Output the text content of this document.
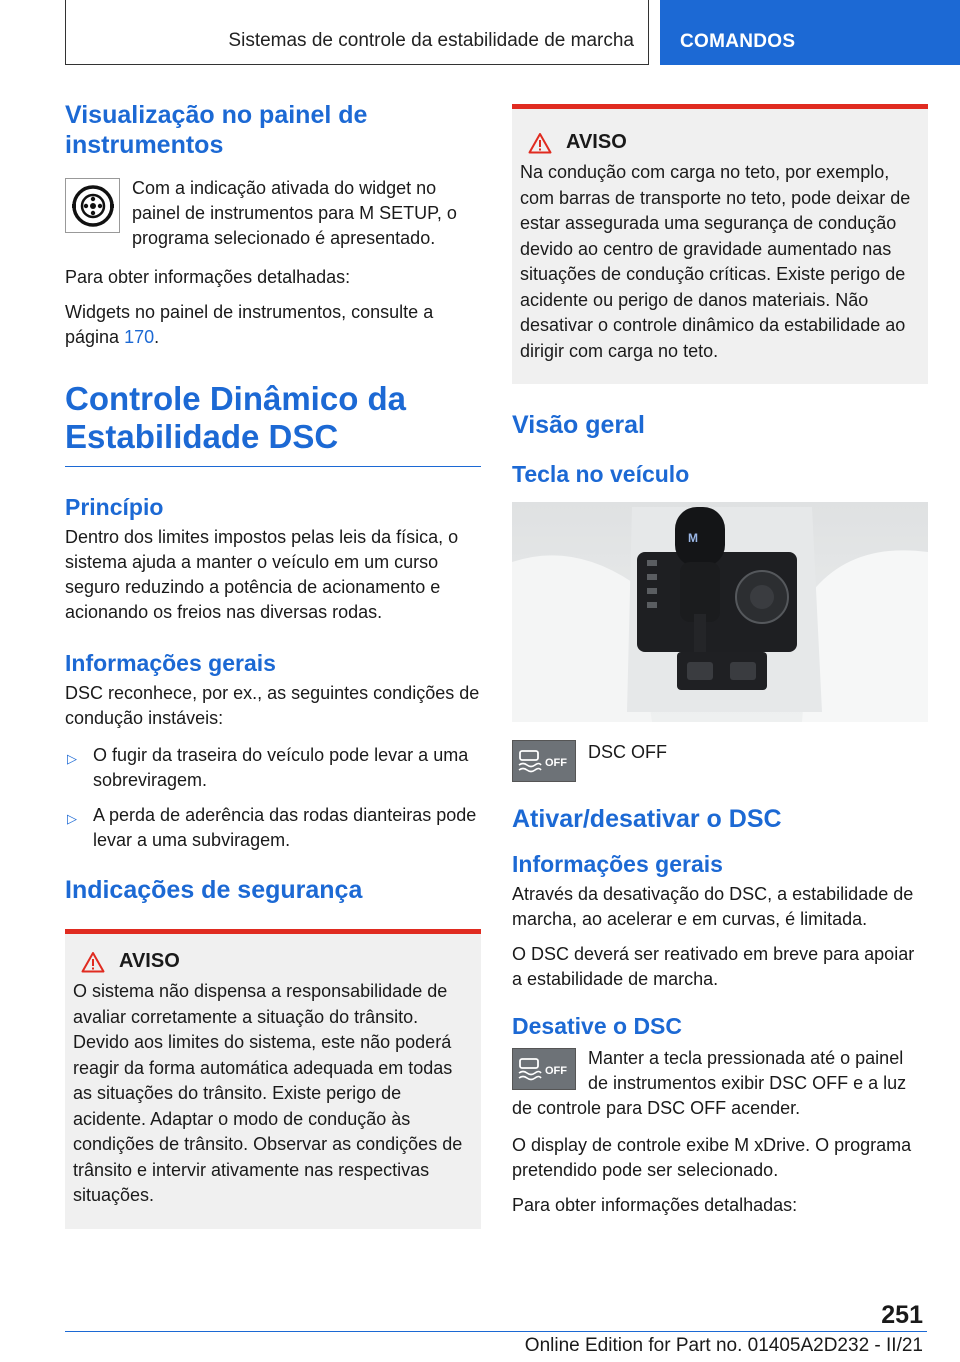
Sistemas de controle da estabilidade de marcha COMANDOS
Visualização no painel de instrumentos
Com a indicação ativada do widget no painel de instrumentos para M SETUP, o programa selecionado é apresentado.

Para obter informações detalhadas:

Widgets no painel de instrumentos, consulte a página 170.

Controle Dinâmico da Estabilidade DSC
Princípio

Dentro dos limites impostos pelas leis da física, o sistema ajuda a manter o veículo em um curso seguro reduzindo a potência de acionamento e acionando os freios nas diversas rodas.

Informações gerais

DSC reconhece, por ex., as seguintes condições de condução instáveis:

▷ O fugir da traseira do veículo pode levar a uma sobreviragem.
▷ A perda de aderência das rodas dianteiras pode levar a uma subviragem.
Indicações de segurança
AVISO

O sistema não dispensa a responsabilidade de avaliar corretamente a situação do trânsito. Devido aos limites do sistema, este não poderá reagir da forma automática adequada em todas as situações do trânsito. Existe perigo de acidente. Adaptar o modo de condução às condições de trânsito. Observar as condições de trânsito e intervir ativamente nas respectivas situações.

AVISO

Na condução com carga no teto, por exemplo, com barras de transporte no teto, pode deixar de estar assegurada uma segurança de condução devido ao centro de gravidade aumentado nas situações de condução críticas. Existe perigo de acidente ou perigo de danos materiais. Não desativar o controle dinâmico da estabilidade ao dirigir com carga no teto.

Visão geral
Tecla no veículo
M
OFF
DSC OFF
Ativar/desativar o DSC
Informações gerais

Através da desativação do DSC, a estabilidade de marcha, ao acelerar e em curvas, é limitada.

O DSC deverá ser reativado em breve para apoiar a estabilidade de marcha.

Desative o DSC
OFF

Manter a tecla pressionada até o painel de instrumentos exibir DSC OFF e a luz de controle para DSC OFF acender.

O display de controle exibe M xDrive. O programa pretendido pode ser selecionado.

Para obter informações detalhadas:

251
Online Edition for Part no. 01405A2D232 - II/21
